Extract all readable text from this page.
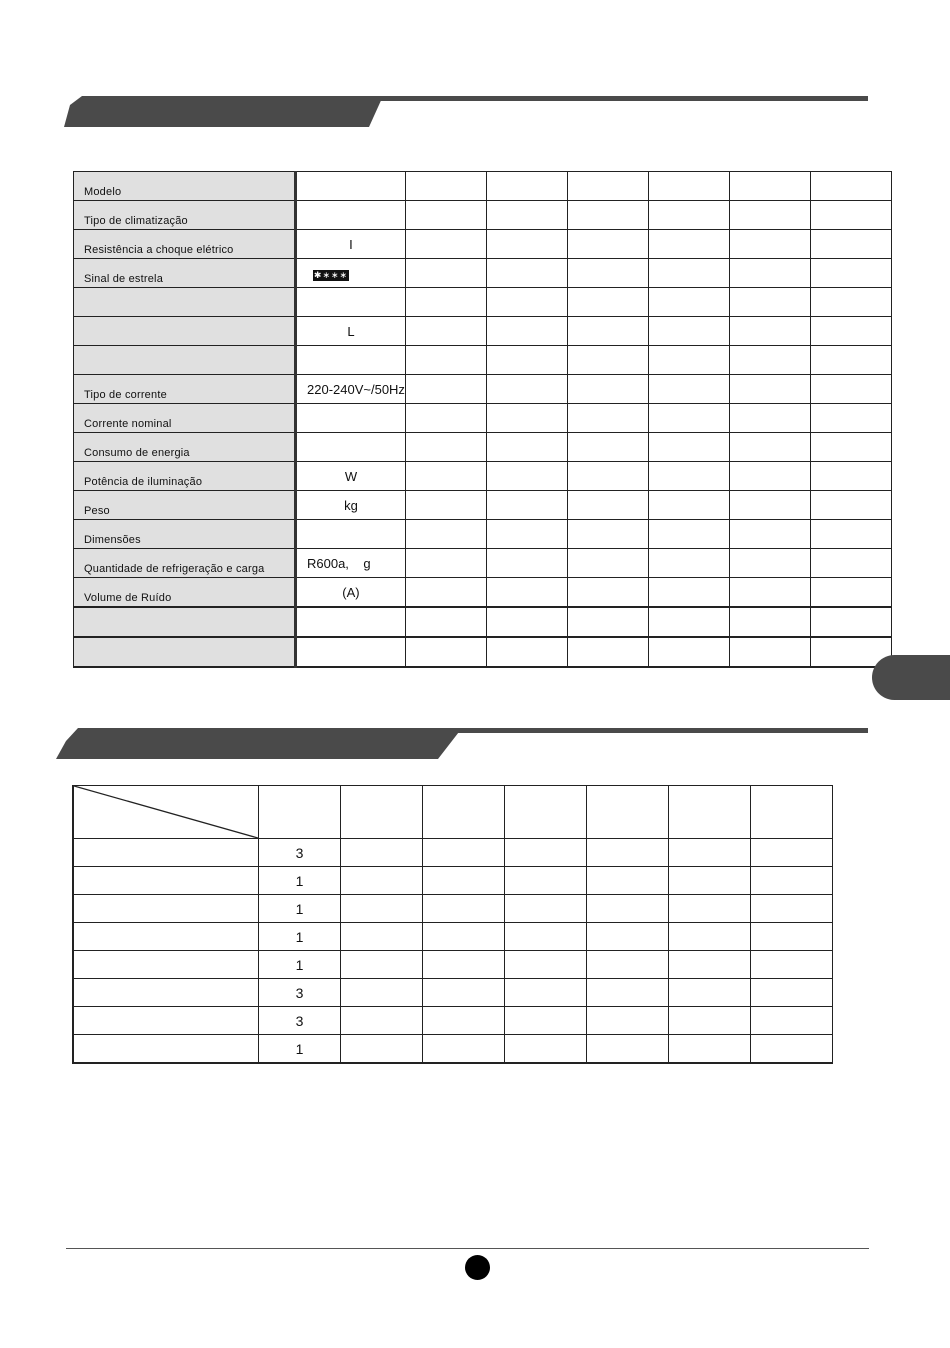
Modelo							
Tipo de climatização							
Resistência a choque elétrico	I						
Sinal de estrela	✱∗∗∗						

	L						

Tipo de corrente	220-240V~/50Hz						
Corrente nominal							
Consumo de energia							
Potência de iluminação	W						
Peso	kg						
Dimensões							
Quantidade de refrigeração e carga	R600a,    g						
Volume de Ruído	(A)						

	3						
	1						
	1						
	1						
	1						
	3						
	3						
	1						
